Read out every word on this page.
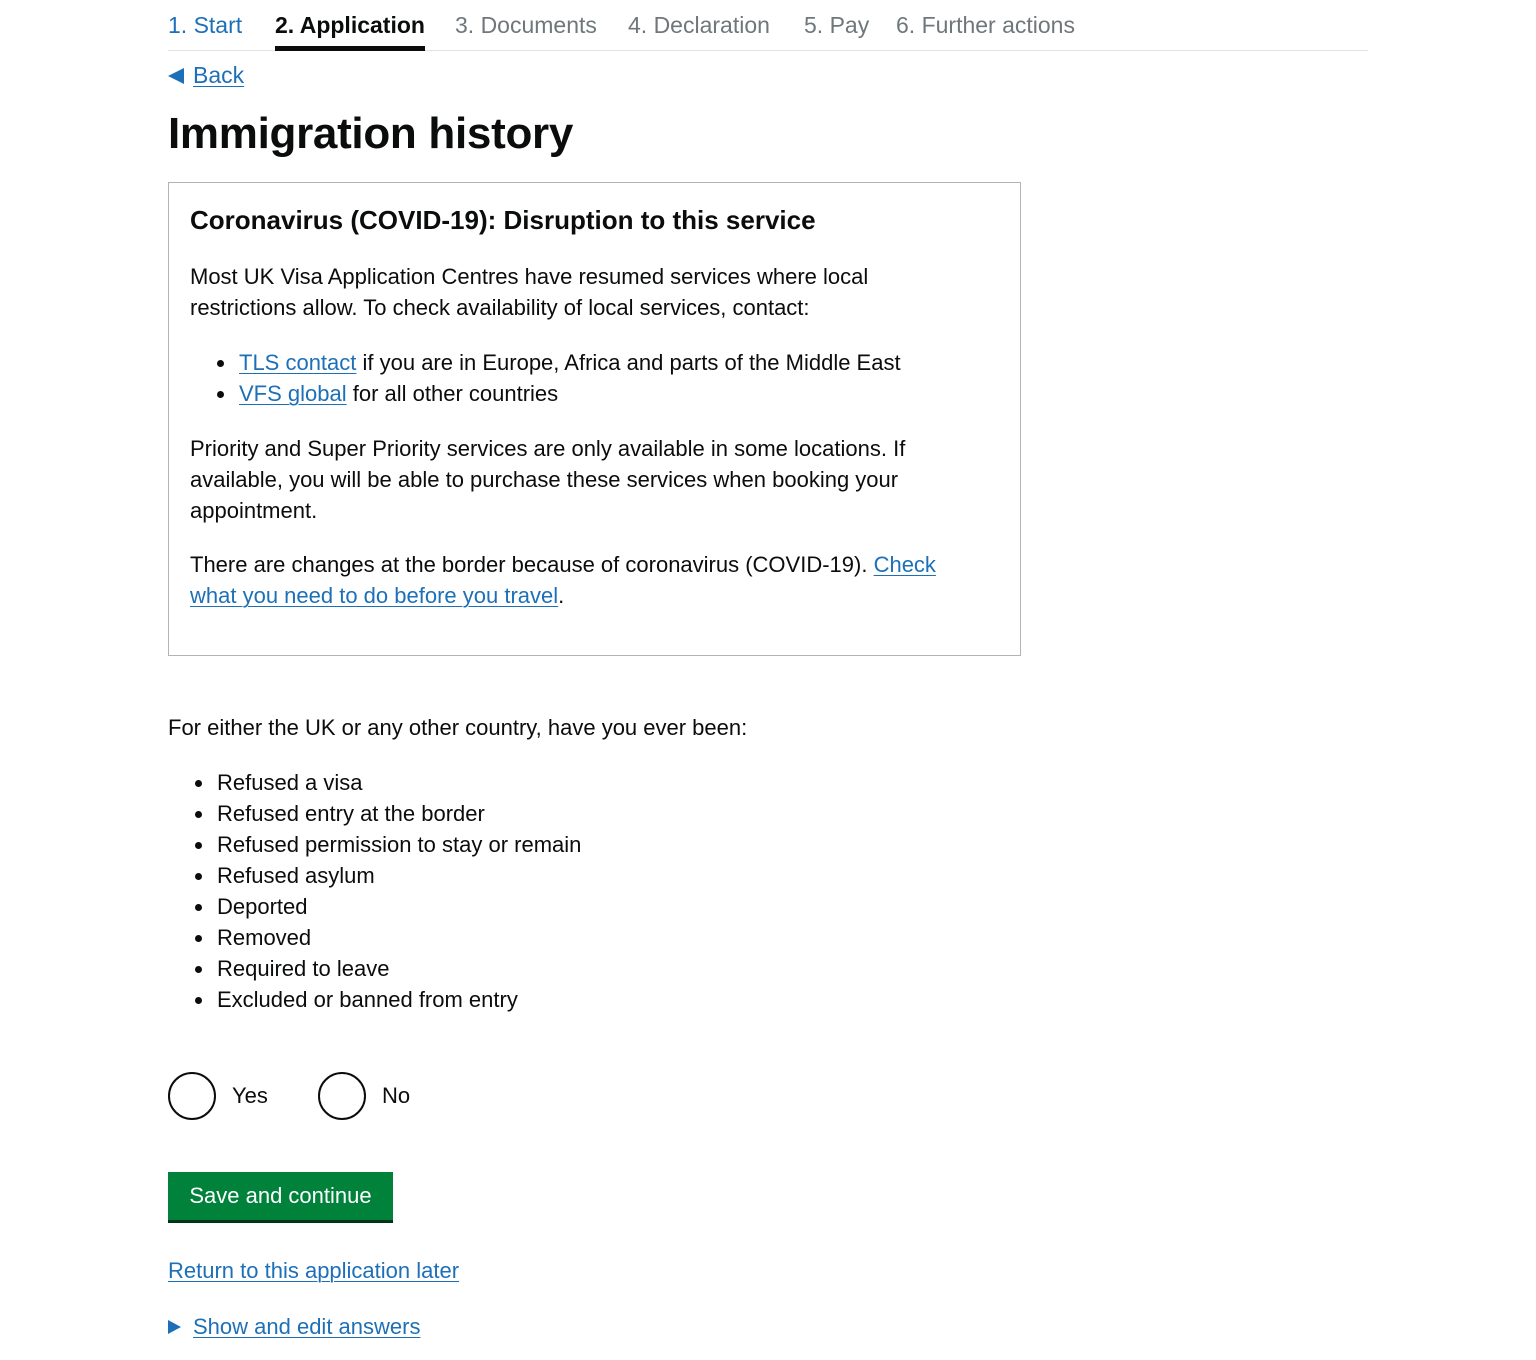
1. Start 2. Application 3. Documents 4. Declaration 5. Pay 6. Further actions
Back
Immigration history
Coronavirus (COVID-19): Disruption to this service

Most UK Visa Application Centres have resumed services where local restrictions allow. To check availability of local services, contact:

TLS contact if you are in Europe, Africa and parts of the Middle East
VFS global for all other countries

Priority and Super Priority services are only available in some locations. If available, you will be able to purchase these services when booking your appointment.

There are changes at the border because of coronavirus (COVID-19). Check what you need to do before you travel.

For either the UK or any other country, have you ever been:

Refused a visa
Refused entry at the border
Refused permission to stay or remain
Refused asylum
Deported
Removed
Required to leave
Excluded or banned from entry
Yes	No
Save and continue
Return to this application later
Show and edit answers
